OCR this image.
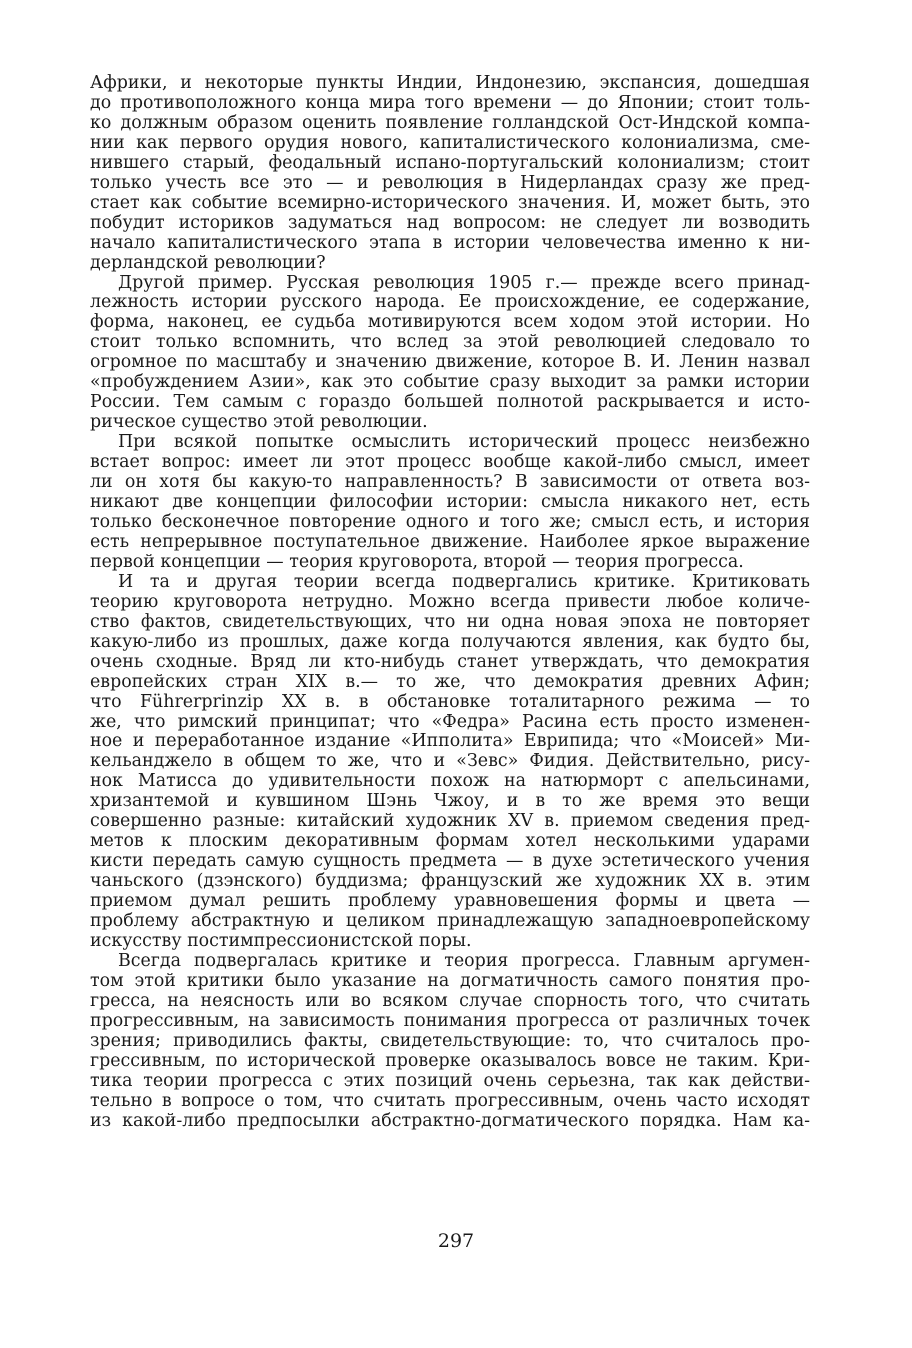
Африки, и некоторые пункты Индии, Индонезию, экспансия, дошедшая
до противоположного конца мира того времени — до Японии; стоит толь-
ко должным образом оценить появление голландской Ост-Индской компа-
нии как первого орудия нового, капиталистического колониализма, сме-
нившего старый, феодальный испано-португальский колониализм; стоит
только учесть все это — и революция в Нидерландах сразу же пред-
стает как событие всемирно-исторического значения. И, может быть, это
побудит историков задуматься над вопросом: не следует ли возводить
начало капиталистического этапа в истории человечества именно к ни-
дерландской революции?
Другой пример. Русская революция 1905 г.— прежде всего принад-
лежность истории русского народа. Ее происхождение, ее содержание,
форма, наконец, ее судьба мотивируются всем ходом этой истории. Но
стоит только вспомнить, что вслед за этой революцией следовало то
огромное по масштабу и значению движение, которое В. И. Ленин назвал
«пробуждением Азии», как это событие сразу выходит за рамки истории
России. Тем самым с гораздо большей полнотой раскрывается и исто-
рическое существо этой революции.
При всякой попытке осмыслить исторический процесс неизбежно
встает вопрос: имеет ли этот процесс вообще какой-либо смысл, имеет
ли он хотя бы какую-то направленность? В зависимости от ответа воз-
никают две концепции философии истории: смысла никакого нет, есть
только бесконечное повторение одного и того же; смысл есть, и история
есть непрерывное поступательное движение. Наиболее яркое выражение
первой концепции — теория круговорота, второй — теория прогресса.
И та и другая теории всегда подвергались критике. Критиковать
теорию круговорота нетрудно. Можно всегда привести любое количе-
ство фактов, свидетельствующих, что ни одна новая эпоха не повторяет
какую-либо из прошлых, даже когда получаются явления, как будто бы,
очень сходные. Вряд ли кто-нибудь станет утверждать, что демократия
европейских стран XIX в.— то же, что демократия древних Афин;
что Führerprinzip XX в. в обстановке тоталитарного режима — то
же, что римский принципат; что «Федра» Расина есть просто изменен-
ное и переработанное издание «Ипполита» Еврипида; что «Моисей» Ми-
кельанджело в общем то же, что и «Зевс» Фидия. Действительно, рису-
нок Матисса до удивительности похож на натюрморт с апельсинами,
хризантемой и кувшином Шэнь Чжоу, и в то же время это вещи
совершенно разные: китайский художник XV в. приемом сведения пред-
метов к плоским декоративным формам хотел несколькими ударами
кисти передать самую сущность предмета — в духе эстетического учения
чаньского (дзэнского) буддизма; французский же художник XX в. этим
приемом думал решить проблему уравновешения формы и цвета —
проблему абстрактную и целиком принадлежащую западноевропейскому
искусству постимпрессионистской поры.
Всегда подвергалась критике и теория прогресса. Главным аргумен-
том этой критики было указание на догматичность самого понятия про-
гресса, на неясность или во всяком случае спорность того, что считать
прогрессивным, на зависимость понимания прогресса от различных точек
зрения; приводились факты, свидетельствующие: то, что считалось про-
грессивным, по исторической проверке оказывалось вовсе не таким. Кри-
тика теории прогресса с этих позиций очень серьезна, так как действи-
тельно в вопросе о том, что считать прогрессивным, очень часто исходят
из какой-либо предпосылки абстрактно-догматического порядка. Нам ка-
297
